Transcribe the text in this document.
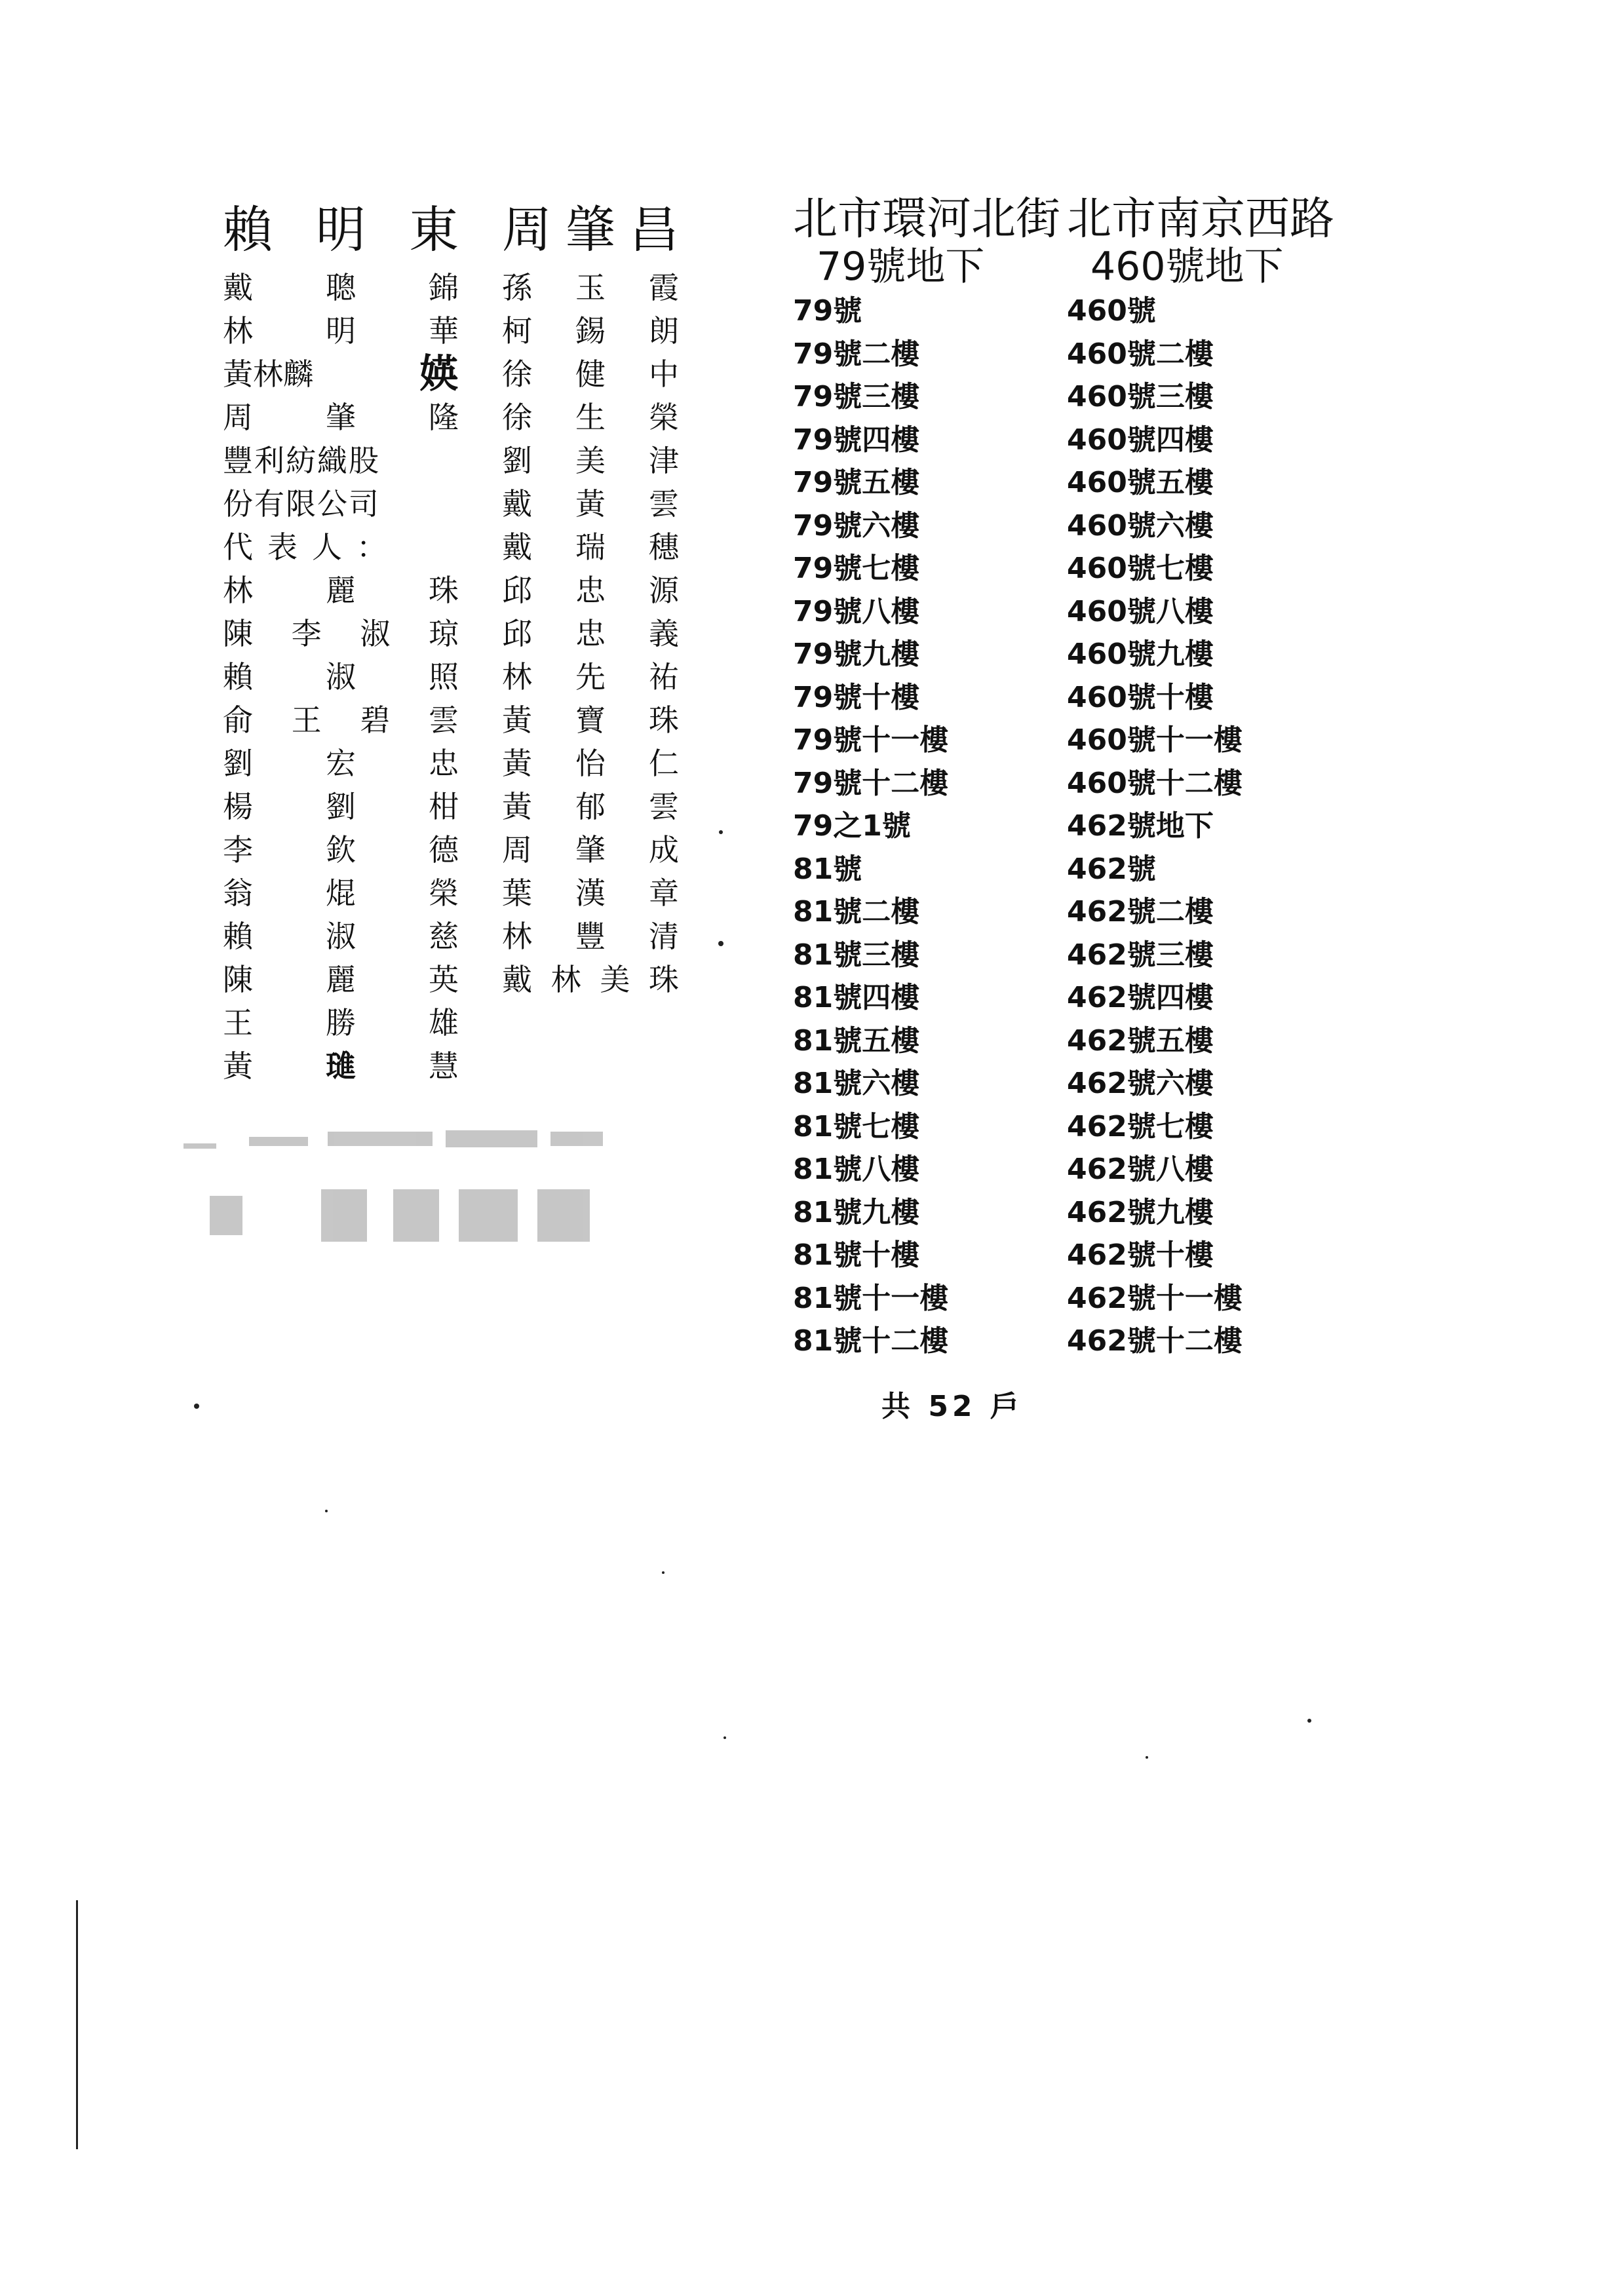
賴 明 東
戴 聰 錦
林 明 華
黃林麟	媖
周 肇 隆
豐利紡織股
份有限公司
代表人：
林 麗 珠
陳 李 淑 琼
賴 淑 照
俞 王 碧 雲
劉 宏 忠
楊 劉 柑
李 欽 德
翁 焜 榮
賴 淑 慈
陳 麗 英
王 勝 雄
黃 璡 慧
周 肇 昌
孫 玉 霞
柯 錫 朗
徐 健 中
徐 生 榮
劉 美 津
戴 黃 雲
戴 瑞 穗
邱 忠 源
邱 忠 義
林 先 祐
黃 寶 珠
黃 怡 仁
黃 郁 雲
周 肇 成
葉 漢 章
林 豐 清
戴 林 美 珠
北市環河北街
79號地下
79號
79號二樓
79號三樓
79號四樓
79號五樓
79號六樓
79號七樓
79號八樓
79號九樓
79號十樓
79號十一樓
79號十二樓
79之1號
81號
81號二樓
81號三樓
81號四樓
81號五樓
81號六樓
81號七樓
81號八樓
81號九樓
81號十樓
81號十一樓
81號十二樓
北市南京西路
460號地下
460號
460號二樓
460號三樓
460號四樓
460號五樓
460號六樓
460號七樓
460號八樓
460號九樓
460號十樓
460號十一樓
460號十二樓
462號地下
462號
462號二樓
462號三樓
462號四樓
462號五樓
462號六樓
462號七樓
462號八樓
462號九樓
462號十樓
462號十一樓
462號十二樓
共 52 戶
